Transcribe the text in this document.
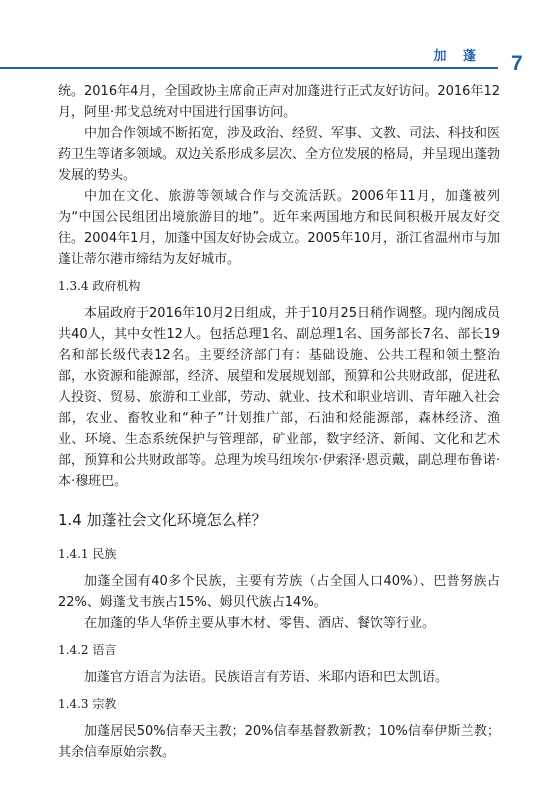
加 蓬 7

统。2016年4月，全国政协主席俞正声对加蓬进行正式友好访问。2016年12月，阿里·邦戈总统对中国进行国事访问。

中加合作领域不断拓宽，涉及政治、经贸、军事、文教、司法、科技和医药卫生等诸多领域。双边关系形成多层次、全方位发展的格局，并呈现出蓬勃发展的势头。

中加在文化、旅游等领域合作与交流活跃。2006年11月，加蓬被列为“中国公民组团出境旅游目的地”。近年来两国地方和民间积极开展友好交往。2004年1月，加蓬中国友好协会成立。2005年10月，浙江省温州市与加蓬让蒂尔港市缔结为友好城市。

1.3.4 政府机构

本届政府于2016年10月2日组成，并于10月25日稍作调整。现内阁成员共40人，其中女性12人。包括总理1名、副总理1名、国务部长7名、部长19名和部长级代表12名。主要经济部门有：基础设施、公共工程和领土整治部，水资源和能源部，经济、展望和发展规划部，预算和公共财政部，促进私人投资、贸易、旅游和工业部，劳动、就业、技术和职业培训、青年融入社会部，农业、畜牧业和“种子”计划推广部，石油和烃能源部，森林经济、渔业、环境、生态系统保护与管理部，矿业部，数字经济、新闻、文化和艺术部，预算和公共财政部等。总理为埃马纽埃尔·伊索泽·恩贡戴，副总理布鲁诺·本·穆班巴。

1.4 加蓬社会文化环境怎么样？
1.4.1 民族

加蓬全国有40多个民族，主要有芳族（占全国人口40%）、巴普努族占22%、姆蓬戈韦族占15%、姆贝代族占14%。

在加蓬的华人华侨主要从事木材、零售、酒店、餐饮等行业。

1.4.2 语言

加蓬官方语言为法语。民族语言有芳语、米耶内语和巴太凯语。

1.4.3 宗教

加蓬居民50%信奉天主教；20%信奉基督教新教；10%信奉伊斯兰教；其余信奉原始宗教。
